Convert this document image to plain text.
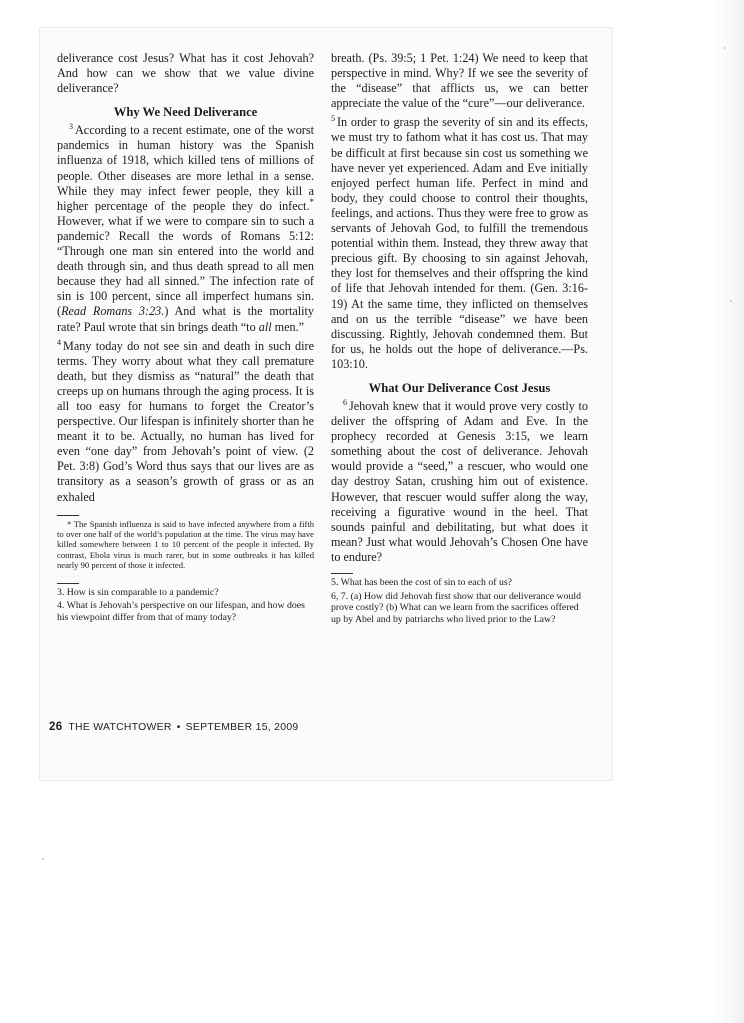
deliverance cost Jesus? What has it cost Jehovah? And how can we show that we value divine deliverance?

Why We Need Deliverance

$^3$ According to a recent estimate, one of the worst pandemics in human history was the Spanish influenza of 1918, which killed tens of millions of people. Other diseases are more lethal in a sense. While they may infect fewer people, they kill a higher percentage of the people they do infect.* However, what if we were to compare sin to such a pandemic? Recall the words of Romans 5:12: “Through one man sin entered into the world and death through sin, and thus death spread to all men because they had all sinned.” The infection rate of sin is 100 percent, since all imperfect humans sin. (Read Romans 3:23.) And what is the mortality rate? Paul wrote that sin brings death “to all men.”

$^4$ Many today do not see sin and death in such dire terms. They worry about what they call premature death, but they dismiss as “natural” the death that creeps up on humans through the aging process. It is all too easy for humans to forget the Creator’s perspective. Our lifespan is infinitely shorter than he meant it to be. Actually, no human has lived for even “one day” from Jehovah’s point of view. (2 Pet. 3:8) God’s Word thus says that our lives are as transitory as a season’s growth of grass or as an exhaled

* The Spanish influenza is said to have infected anywhere from a fifth to over one half of the world’s population at the time. The virus may have killed somewhere between 1 to 10 percent of the people it infected. By contrast, Ebola virus is much rarer, but in some outbreaks it has killed nearly 90 percent of those it infected.

3. How is sin comparable to a pandemic?

4. What is Jehovah’s perspective on our lifespan, and how does his viewpoint differ from that of many today?

breath. (Ps. 39:5; 1 Pet. 1:24) We need to keep that perspective in mind. Why? If we see the severity of the “disease” that afflicts us, we can better appreciate the value of the “cure”—our deliverance.

$^5$ In order to grasp the severity of sin and its effects, we must try to fathom what it has cost us. That may be difficult at first because sin cost us something we have never yet experienced. Adam and Eve initially enjoyed perfect human life. Perfect in mind and body, they could choose to control their thoughts, feelings, and actions. Thus they were free to grow as servants of Jehovah God, to fulfill the tremendous potential within them. Instead, they threw away that precious gift. By choosing to sin against Jehovah, they lost for themselves and their offspring the kind of life that Jehovah intended for them. (Gen. 3:16-19) At the same time, they inflicted on themselves and on us the terrible “disease” we have been discussing. Rightly, Jehovah condemned them. But for us, he holds out the hope of deliverance.—Ps. 103:10.

What Our Deliverance Cost Jesus

$^6$ Jehovah knew that it would prove very costly to deliver the offspring of Adam and Eve. In the prophecy recorded at Genesis 3:15, we learn something about the cost of deliverance. Jehovah would provide a “seed,” a rescuer, who would one day destroy Satan, crushing him out of existence. However, that rescuer would suffer along the way, receiving a figurative wound in the heel. That sounds painful and debilitating, but what does it mean? Just what would Jehovah’s Chosen One have to endure?

5. What has been the cost of sin to each of us?

6, 7. (a) How did Jehovah first show that our deliverance would prove costly? (b) What can we learn from the sacrifices offered up by Abel and by patriarchs who lived prior to the Law?

26 THE WATCHTOWER • SEPTEMBER 15, 2009
